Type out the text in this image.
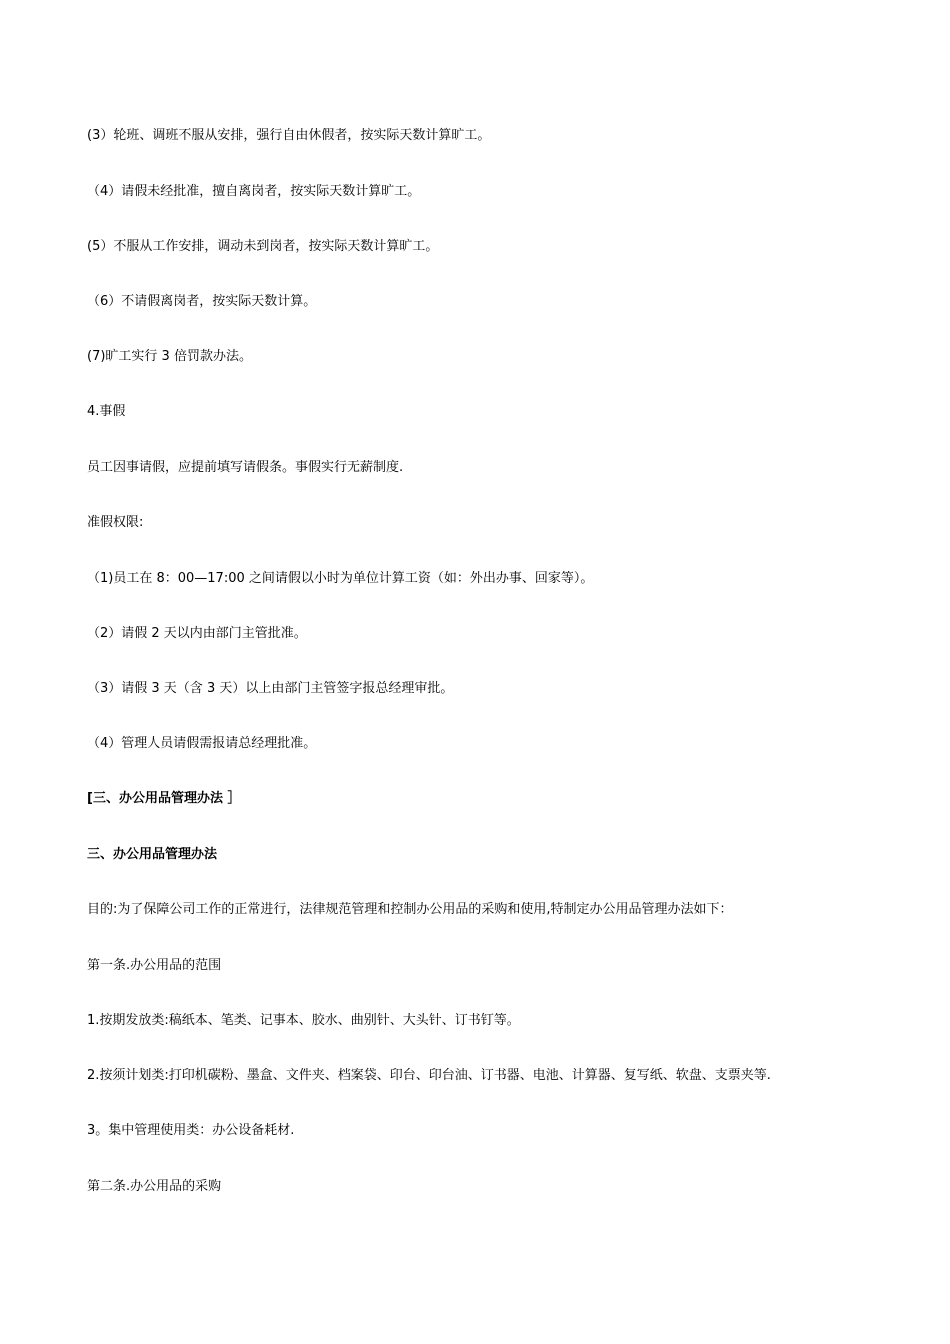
(3）轮班、调班不服从安排，强行自由休假者，按实际天数计算旷工。
（4）请假未经批准，擅自离岗者，按实际天数计算旷工。
(5）不服从工作安排，调动未到岗者，按实际天数计算旷工。
（6）不请假离岗者，按实际天数计算。
(7)旷工实行 3 倍罚款办法。
4.事假
员工因事请假，应提前填写请假条。事假实行无薪制度.
准假权限:
（1)员工在 8：00—17:00 之间请假以小时为单位计算工资（如：外出办事、回家等）。
（2）请假 2 天以内由部门主管批准。
（3）请假 3 天（含 3 天）以上由部门主管签字报总经理审批。
（4）管理人员请假需报请总经理批准。
[三、办公用品管理办法 ］
三、办公用品管理办法
目的:为了保障公司工作的正常进行，法律规范管理和控制办公用品的采购和使用,特制定办公用品管理办法如下：
第一条.办公用品的范围
1.按期发放类:稿纸本、笔类、记事本、胶水、曲别针、大头针、订书钉等。
2.按须计划类:打印机碳粉、墨盒、文件夹、档案袋、印台、印台油、订书器、电池、计算器、复写纸、软盘、支票夹等.
3。集中管理使用类：办公设备耗材.
第二条.办公用品的采购
